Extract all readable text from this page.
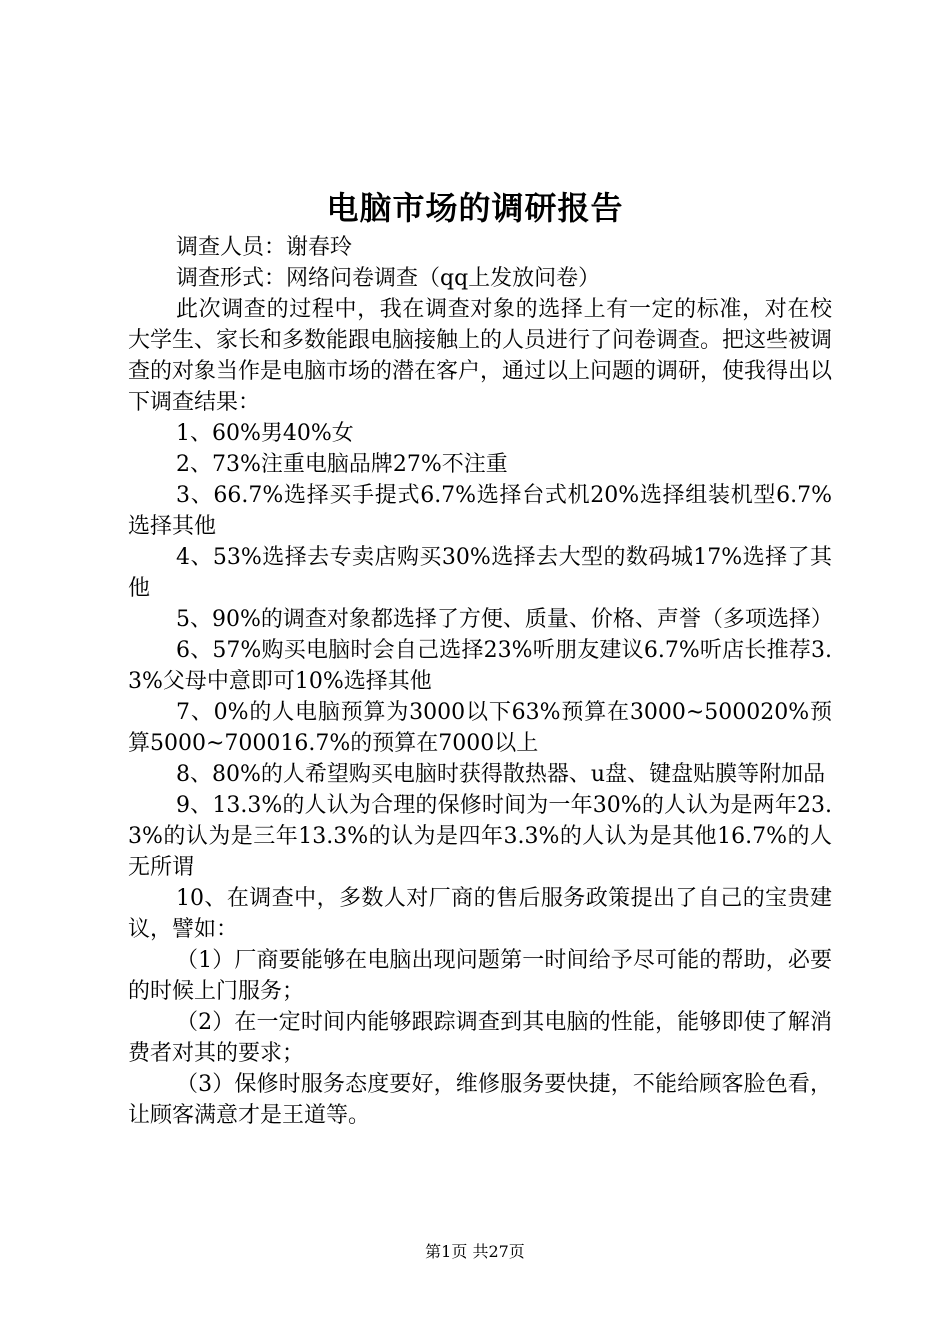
电脑市场的调研报告

调查人员：谢春玲

调查形式：网络问卷调查（qq上发放问卷）

此次调查的过程中，我在调查对象的选择上有一定的标准，对在校大学生、家长和多数能跟电脑接触上的人员进行了问卷调查。把这些被调查的对象当作是电脑市场的潜在客户，通过以上问题的调研，使我得出以下调查结果：

1、60%男40%女

2、73%注重电脑品牌27%不注重

3、66.7%选择买手提式6.7%选择台式机20%选择组装机型6.7%选择其他

4、53%选择去专卖店购买30%选择去大型的数码城17%选择了其他

5、90%的调查对象都选择了方便、质量、价格、声誉（多项选择）

6、57%购买电脑时会自己选择23%听朋友建议6.7%听店长推荐3.3%父母中意即可10%选择其他

7、0%的人电脑预算为3000以下63%预算在3000~500020%预算5000~700016.7%的预算在7000以上

8、80%的人希望购买电脑时获得散热器、u盘、键盘贴膜等附加品

9、13.3%的人认为合理的保修时间为一年30%的人认为是两年23.3%的认为是三年13.3%的认为是四年3.3%的人认为是其他16.7%的人无所谓

10、在调查中，多数人对厂商的售后服务政策提出了自己的宝贵建议，譬如：

（1）厂商要能够在电脑出现问题第一时间给予尽可能的帮助，必要的时候上门服务；

（2）在一定时间内能够跟踪调查到其电脑的性能，能够即使了解消费者对其的要求；

（3）保修时服务态度要好，维修服务要快捷，不能给顾客脸色看，让顾客满意才是王道等。

第1页 共27页
